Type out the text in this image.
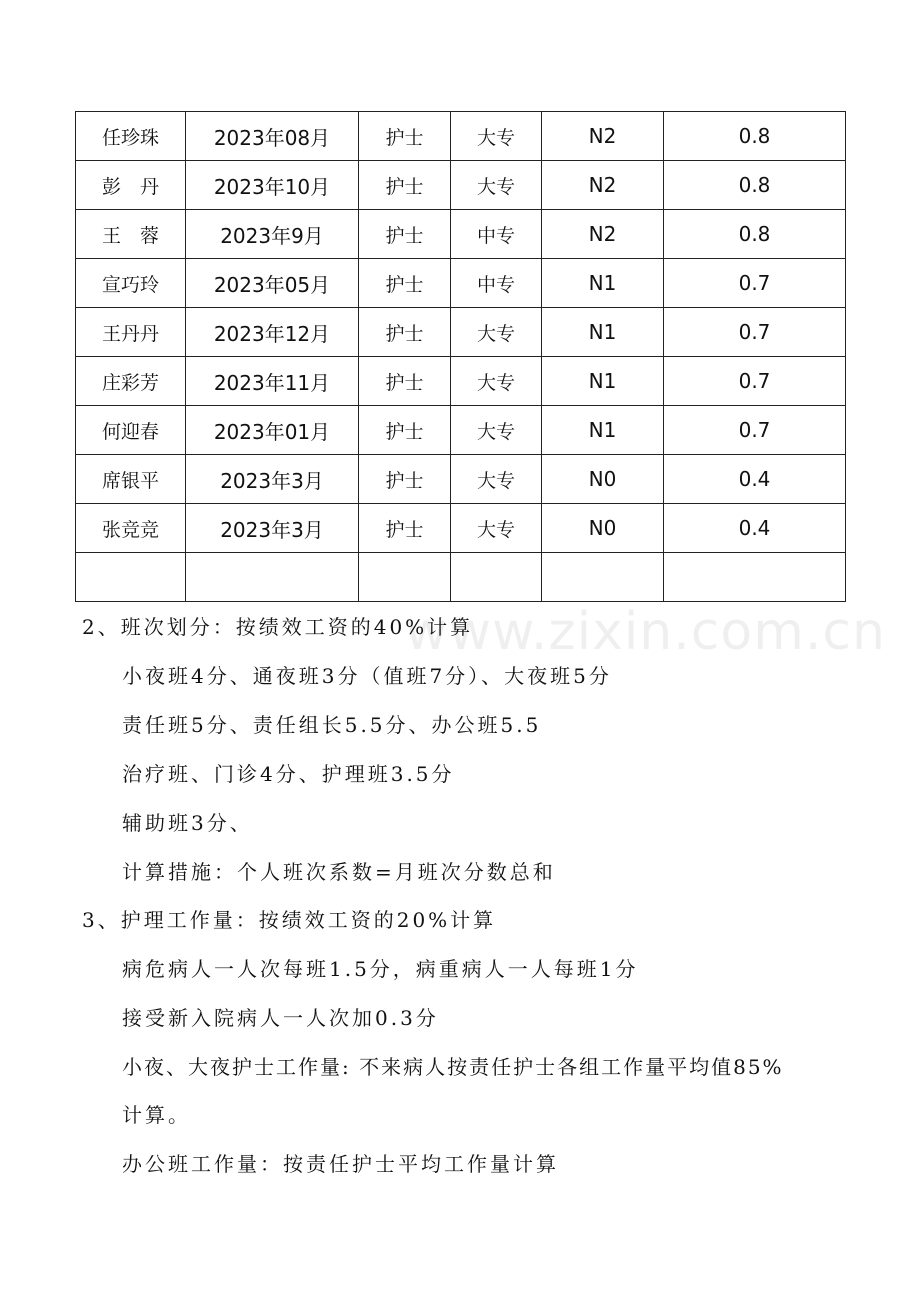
任珍珠	2023年08月	护士	大专	N2	0.8
彭　丹	2023年10月	护士	大专	N2	0.8
王　蓉	2023年9月	护士	中专	N2	0.8
宣巧玲	2023年05月	护士	中专	N1	0.7
王丹丹	2023年12月	护士	大专	N1	0.7
庄彩芳	2023年11月	护士	大专	N1	0.7
何迎春	2023年01月	护士	大专	N1	0.7
席银平	2023年3月	护士	大专	N0	0.4
张竞竞	2023年3月	护士	大专	N0	0.4

www.zixin.com.cn
2、班次划分：按绩效工资的40%计算
小夜班4分、通夜班3分（值班7分）、大夜班5分
责任班5分、责任组长5.5分、办公班5.5
治疗班、门诊4分、护理班3.5分
辅助班3分、
计算措施：个人班次系数=月班次分数总和
3、护理工作量：按绩效工资的20%计算
病危病人一人次每班1.5分，病重病人一人每班1分
接受新入院病人一人次加0.3分
小夜、大夜护士工作量: 不来病人按责任护士各组工作量平均值85%
计算。
办公班工作量：按责任护士平均工作量计算
